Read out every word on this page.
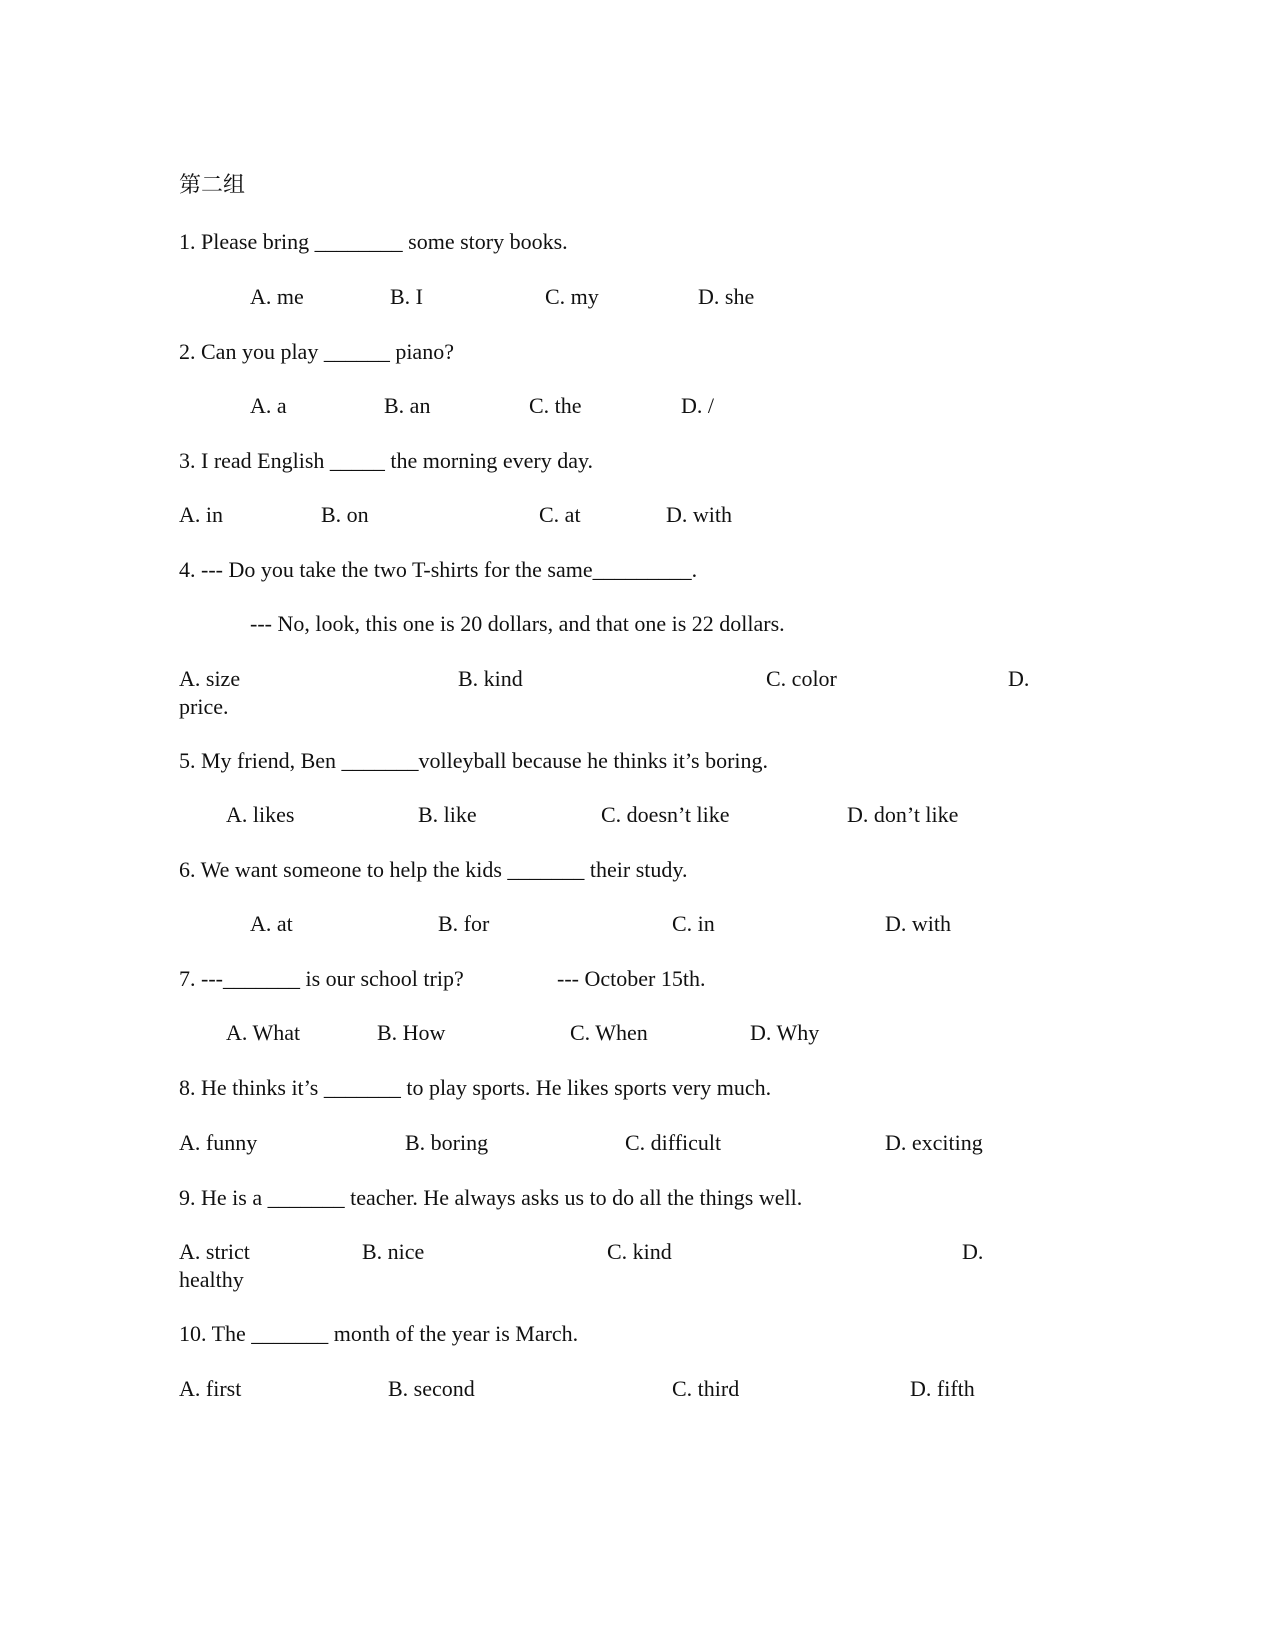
第二组
1. Please bring ________ some story books.
A. me	B. I	C. my	D. she
2. Can you play ______ piano?
A. a	B. an	C. the	D. /
3. I read English _____ the morning every day.
A. in	B. on	C. at	D. with
4. --- Do you take the two T-shirts for the same_________.
--- No, look, this one is 20 dollars, and that one is 22 dollars.
A. size	B. kind	C. color	D.
price.
5. My friend, Ben _______volleyball because he thinks it’s boring.
A. likes	B. like	C. doesn’t like	D. don’t like
6. We want someone to help the kids _______ their study.
A. at	B. for	C. in	D. with
7. ---_______ is our school trip?	--- October 15th.
A. What	B. How	C. When	D. Why
8. He thinks it’s _______ to play sports. He likes sports very much.
A. funny	B. boring	C. difficult	D. exciting
9. He is a _______ teacher. He always asks us to do all the things well.
A. strict	B. nice	C. kind	D.
healthy
10. The _______ month of the year is March.
A. first	B. second	C. third	D. fifth
